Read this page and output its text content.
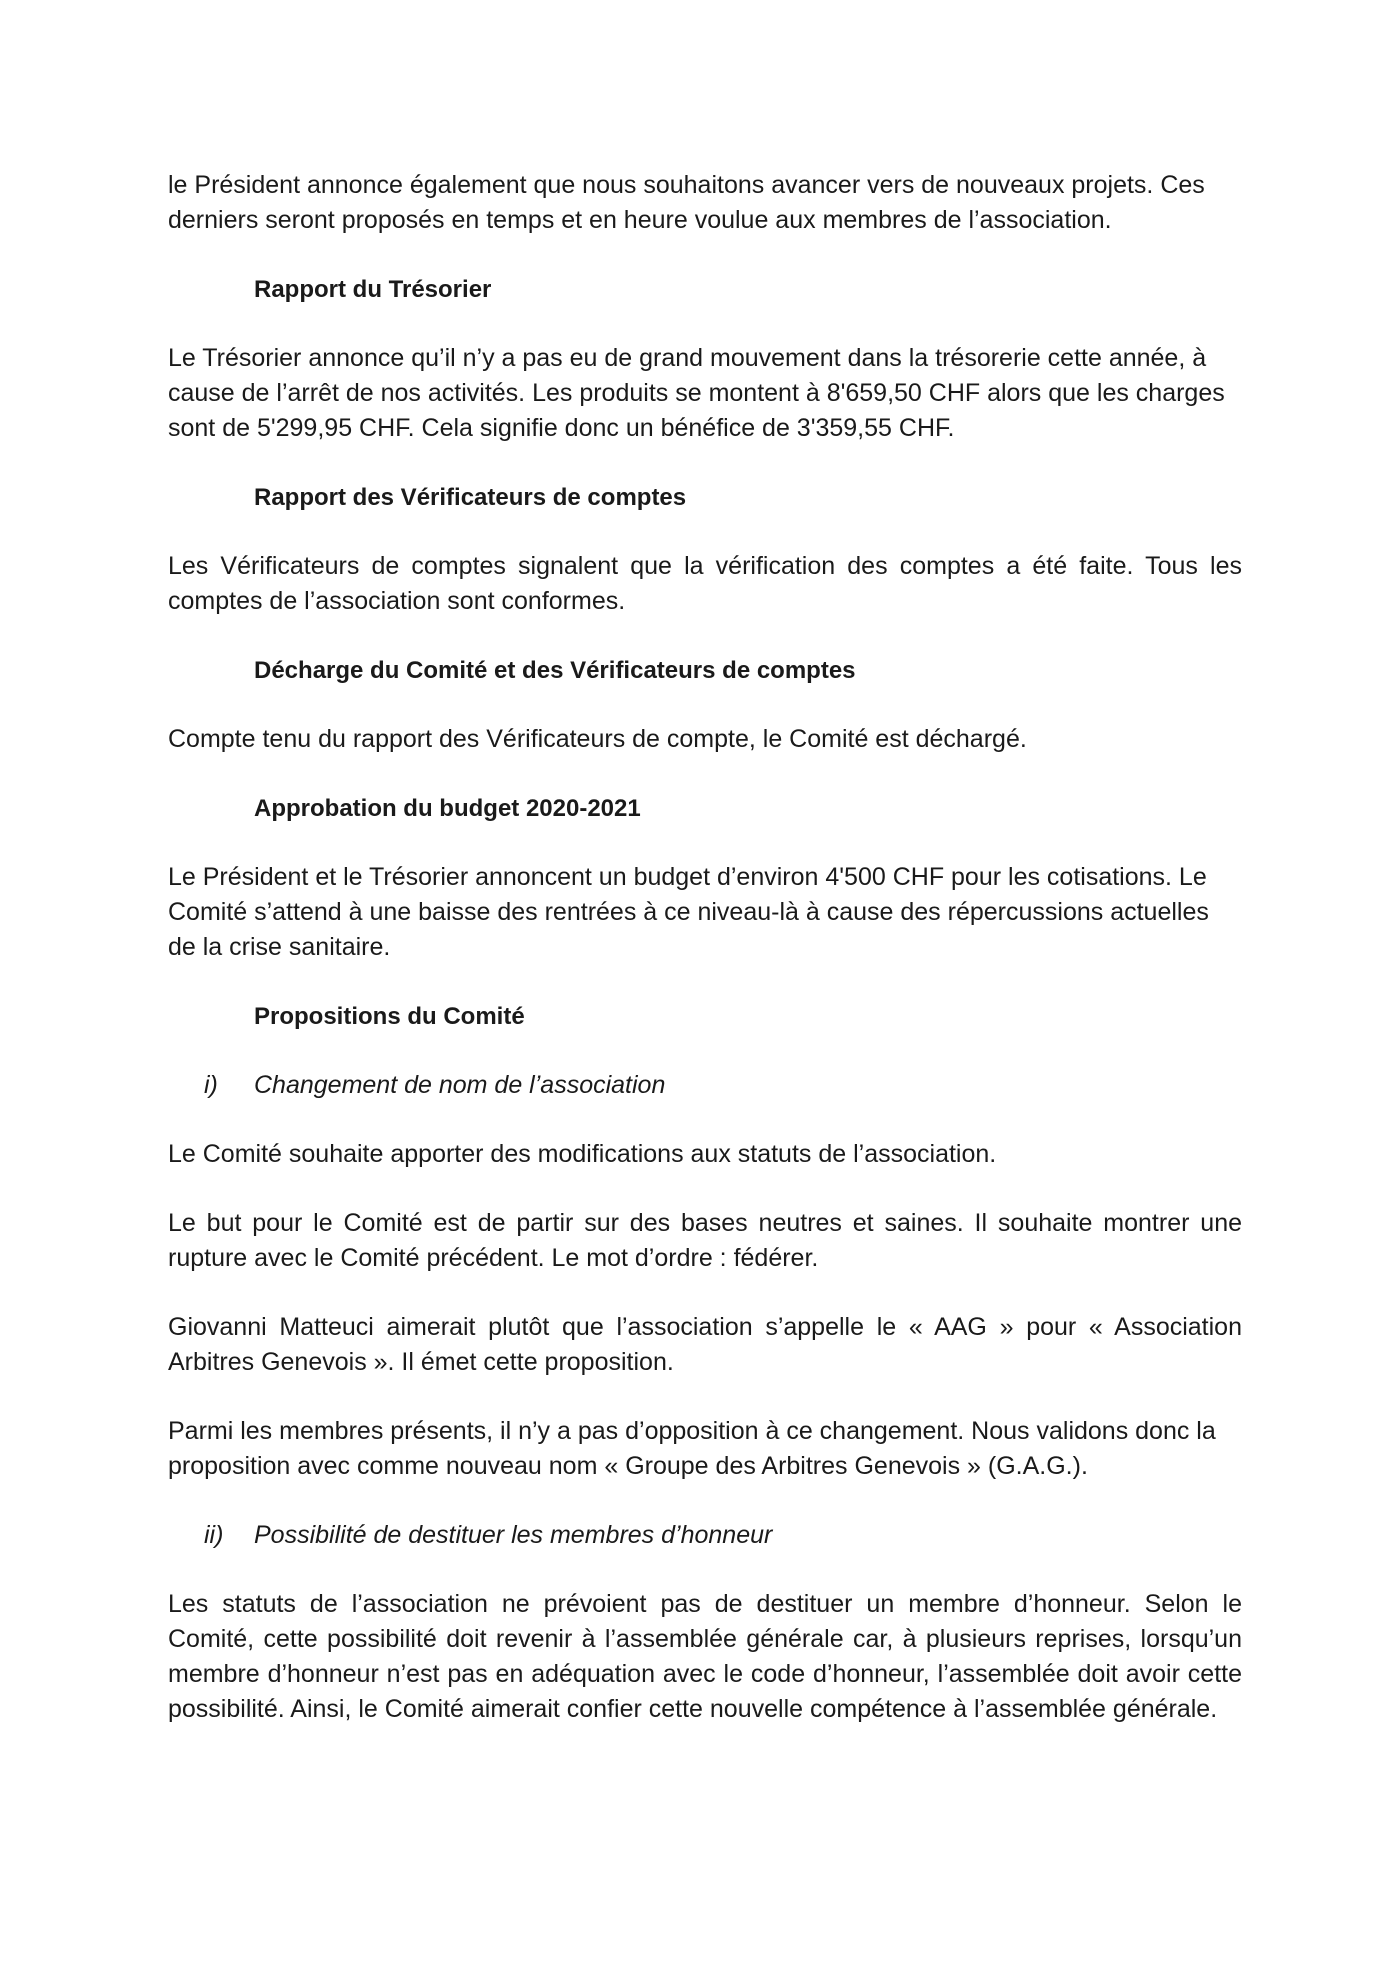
le Président annonce également que nous souhaitons avancer vers de nouveaux projets. Ces derniers seront proposés en temps et en heure voulue aux membres de l’association.

Rapport du Trésorier

Le Trésorier annonce qu’il n’y a pas eu de grand mouvement dans la trésorerie cette année, à cause de l’arrêt de nos activités. Les produits se montent à 8'659,50 CHF alors que les charges sont de 5'299,95 CHF. Cela signifie donc un bénéfice de 3'359,55 CHF.

Rapport des Vérificateurs de comptes

Les Vérificateurs de comptes signalent que la vérification des comptes a été faite. Tous les comptes de l’association sont conformes.

Décharge du Comité et des Vérificateurs de comptes

Compte tenu du rapport des Vérificateurs de compte, le Comité est déchargé.

Approbation du budget 2020-2021

Le Président et le Trésorier annoncent un budget d’environ 4'500 CHF pour les cotisations. Le Comité s’attend à une baisse des rentrées à ce niveau-là à cause des répercussions actuelles de la crise sanitaire.

Propositions du Comité
i)	Changement de nom de l’association

Le Comité souhaite apporter des modifications aux statuts de l’association.

Le but pour le Comité est de partir sur des bases neutres et saines. Il souhaite montrer une rupture avec le Comité précédent. Le mot d’ordre : fédérer.

Giovanni Matteuci aimerait plutôt que l’association s’appelle le « AAG » pour « Association Arbitres Genevois ». Il émet cette proposition.

Parmi les membres présents, il n’y a pas d’opposition à ce changement. Nous validons donc la proposition avec comme nouveau nom « Groupe des Arbitres Genevois » (G.A.G.).

ii)	Possibilité de destituer les membres d’honneur

Les statuts de l’association ne prévoient pas de destituer un membre d’honneur. Selon le Comité, cette possibilité doit revenir à l’assemblée générale car, à plusieurs reprises, lorsqu’un membre d’honneur n’est pas en adéquation avec le code d’honneur, l’assemblée doit avoir cette possibilité. Ainsi, le Comité aimerait confier cette nouvelle compétence à l’assemblée générale.
